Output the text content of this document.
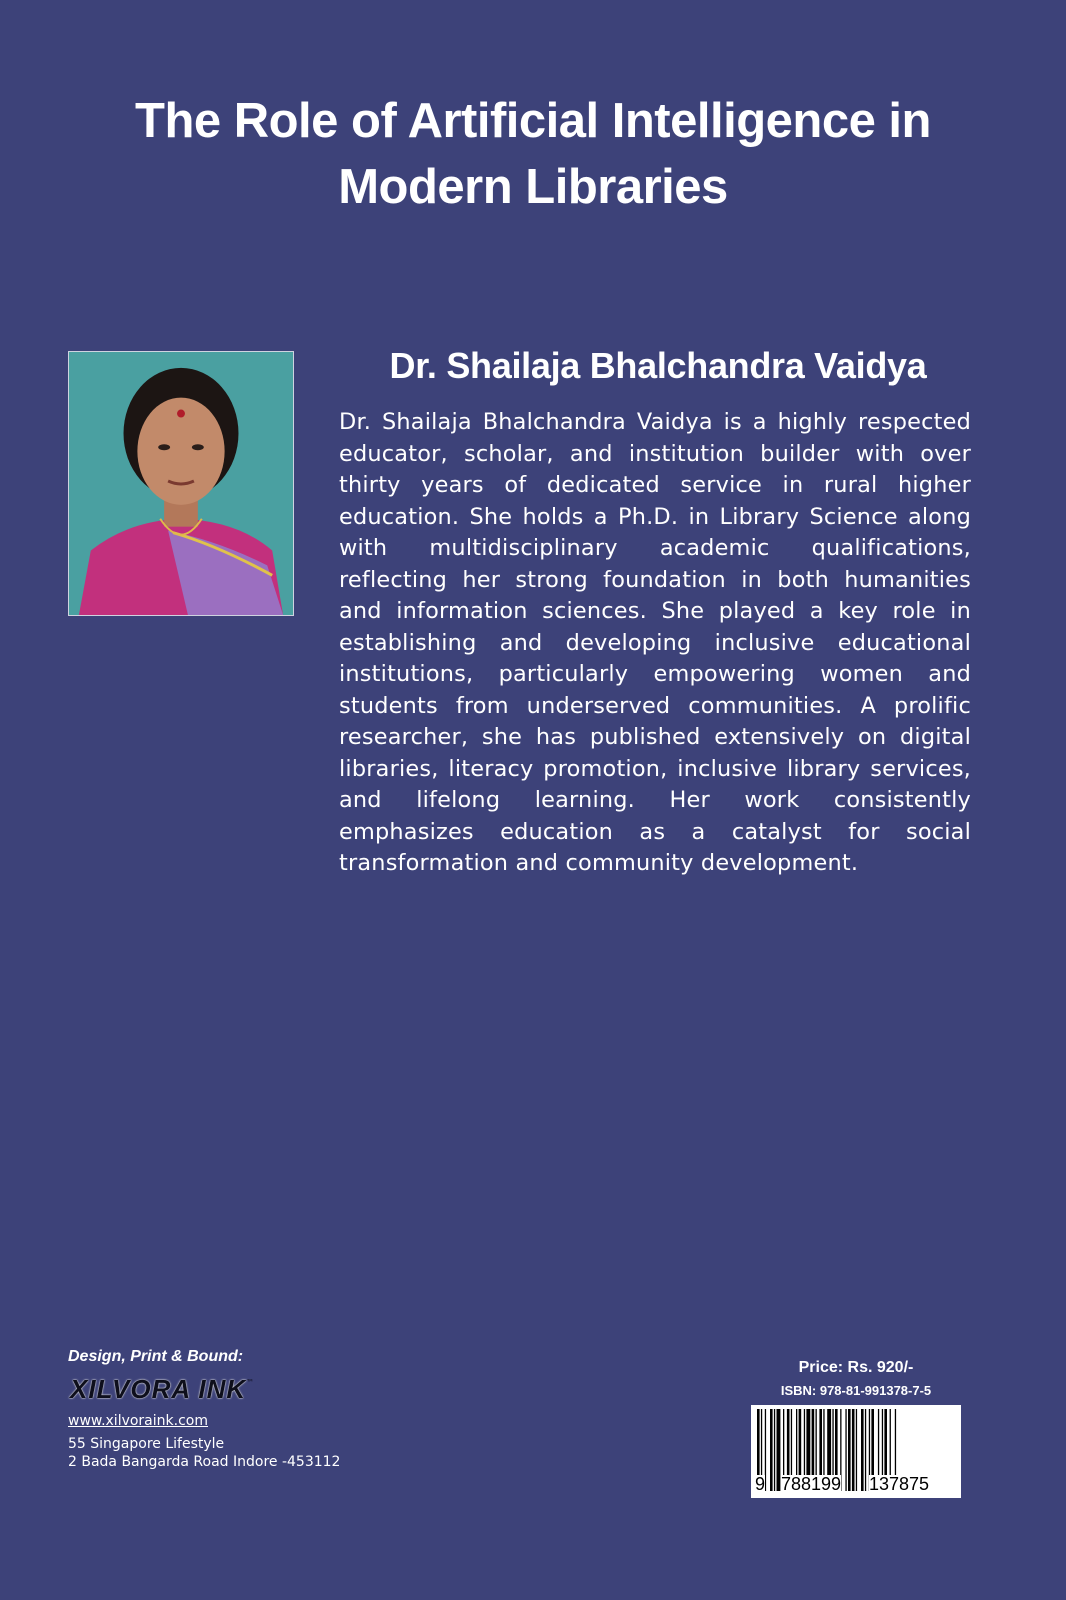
The Role of Artificial Intelligence in Modern Libraries
Dr. Shailaja Bhalchandra Vaidya
Dr. Shailaja Bhalchandra Vaidya is a highly respected educator, scholar, and institution builder with over thirty years of dedicated service in rural higher education. She holds a Ph.D. in Library Science along with multidisciplinary academic qualifications, reflecting her strong foundation in both humanities and information sciences. She played a key role in establishing and developing inclusive educational institutions, particularly empowering women and students from underserved communities. A prolific researcher, she has published extensively on digital libraries, literacy promotion, inclusive library services, and lifelong learning. Her work consistently emphasizes education as a catalyst for social transformation and community development.
Design, Print & Bound:
XILVORA INK ™
www.xilvoraink.com
55 Singapore Lifestyle
2 Bada Bangarda Road Indore -453112
Price: Rs. 920/-
ISBN: 978-81-991378-7-5
9 788199 137875
